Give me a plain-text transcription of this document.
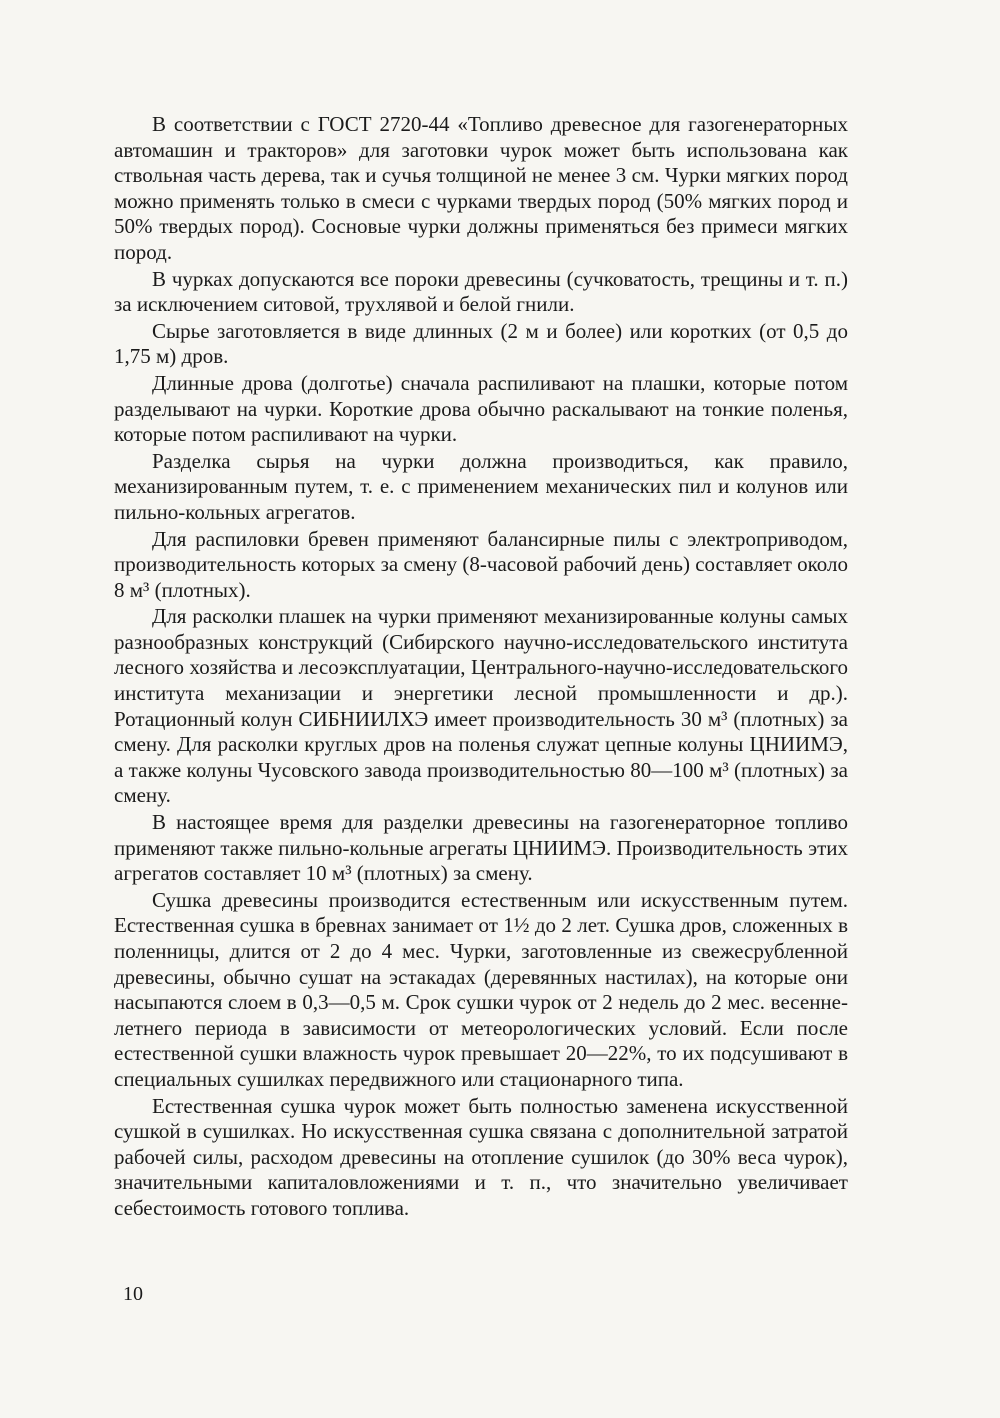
В соответствии с ГОСТ 2720-44 «Топливо древесное для газогенераторных автомашин и тракторов» для заготовки чурок может быть использована как ствольная часть дерева, так и сучья толщиной не менее 3 см. Чурки мягких пород можно применять только в смеси с чурками твердых пород (50% мягких пород и 50% твердых пород). Сосновые чурки должны применяться без примеси мягких пород.

В чурках допускаются все пороки древесины (сучковатость, трещины и т. п.) за исключением ситовой, трухлявой и белой гнили.

Сырье заготовляется в виде длинных (2 м и более) или коротких (от 0,5 до 1,75 м) дров.

Длинные дрова (долготье) сначала распиливают на плашки, которые потом разделывают на чурки. Короткие дрова обычно раскалывают на тонкие поленья, которые потом распиливают на чурки.

Разделка сырья на чурки должна производиться, как правило, механизированным путем, т. е. с применением механических пил и колунов или пильно-кольных агрегатов.

Для распиловки бревен применяют балансирные пилы с электроприводом, производительность которых за смену (8-часовой рабочий день) составляет около 8 м³ (плотных).

Для расколки плашек на чурки применяют механизированные колуны самых разнообразных конструкций (Сибирского научно-исследовательского института лесного хозяйства и лесоэксплуатации, Центрального-научно-исследовательского института механизации и энергетики лесной промышленности и др.). Ротационный колун СИБНИИЛХЭ имеет производительность 30 м³ (плотных) за смену. Для расколки круглых дров на поленья служат цепные колуны ЦНИИМЭ, а также колуны Чусовского завода производительностью 80—100 м³ (плотных) за смену.

В настоящее время для разделки древесины на газогенераторное топливо применяют также пильно-кольные агрегаты ЦНИИМЭ. Производительность этих агрегатов составляет 10 м³ (плотных) за смену.

Сушка древесины производится естественным или искусственным путем. Естественная сушка в бревнах занимает от 1½ до 2 лет. Сушка дров, сложенных в поленницы, длится от 2 до 4 мес. Чурки, заготовленные из свежесрубленной древесины, обычно сушат на эстакадах (деревянных настилах), на которые они насыпаются слоем в 0,3—0,5 м. Срок сушки чурок от 2 недель до 2 мес. весенне-летнего периода в зависимости от метеорологических условий. Если после естественной сушки влажность чурок превышает 20—22%, то их подсушивают в специальных сушилках передвижного или стационарного типа.

Естественная сушка чурок может быть полностью заменена искусственной сушкой в сушилках. Но искусственная сушка связана с дополнительной затратой рабочей силы, расходом древесины на отопление сушилок (до 30% веса чурок), значительными капиталовложениями и т. п., что значительно увеличивает себестоимость готового топлива.

10
